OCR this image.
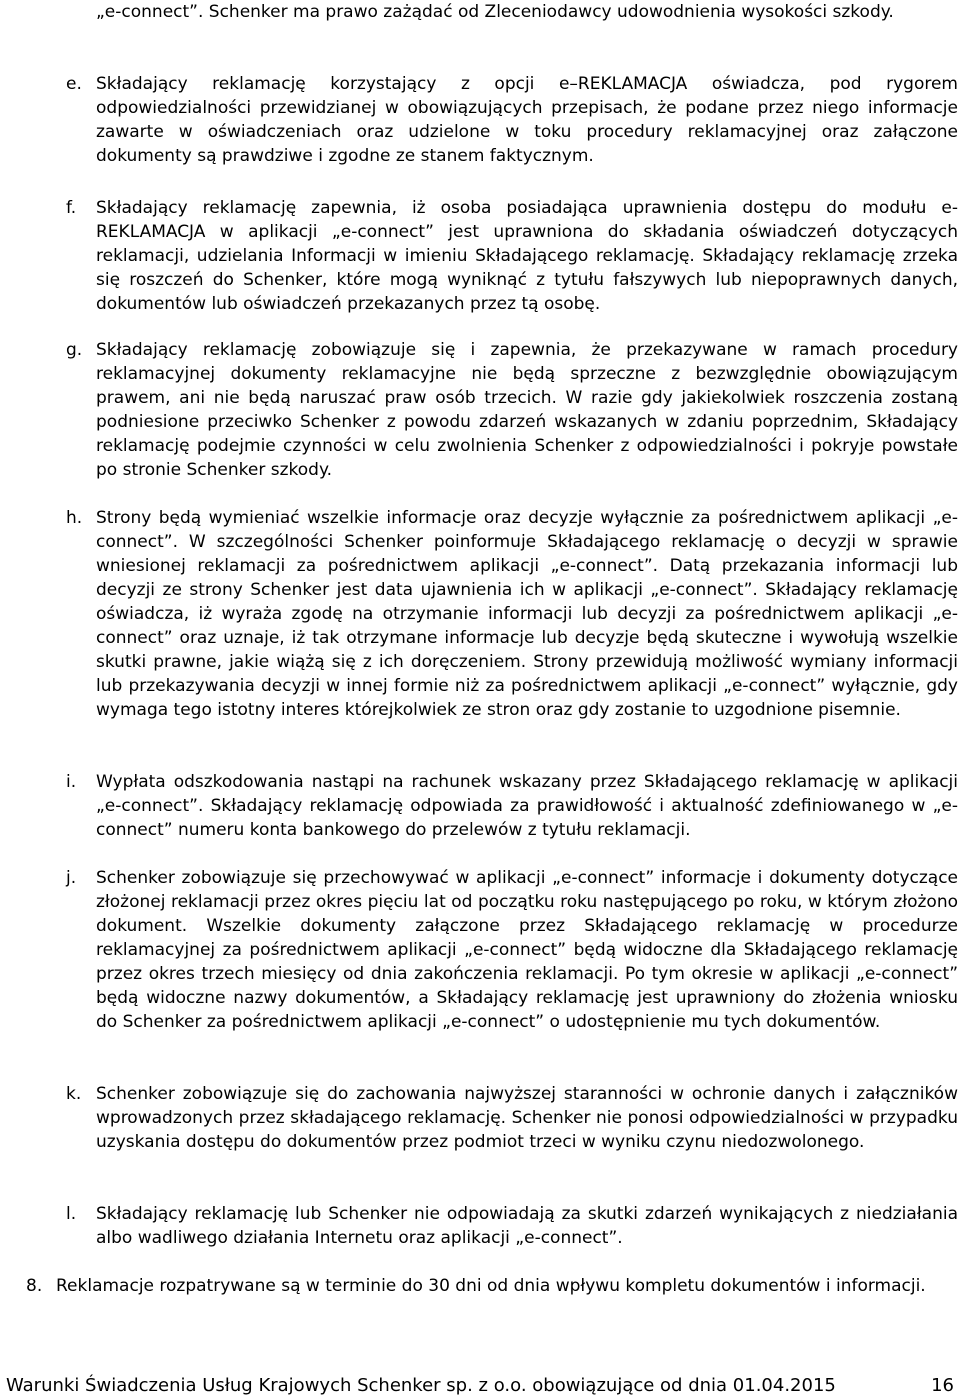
„e-connect”. Schenker ma prawo zażądać od Zleceniodawcy udowodnienia wysokości szkody.

e. Składający reklamację korzystający z opcji e–REKLAMACJA oświadcza, pod rygorem odpowiedzialności przewidzianej w obowiązujących przepisach, że podane przez niego informacje zawarte w oświadczeniach oraz udzielone w toku procedury reklamacyjnej oraz załączone dokumenty są prawdziwe i zgodne ze stanem faktycznym.

f.	Składający reklamację zapewnia, iż osoba posiadająca uprawnienia dostępu do modułu e-REKLAMACJA w aplikacji „e-connect” jest uprawniona do składania oświadczeń dotyczących reklamacji, udzielania Informacji w imieniu Składającego reklamację. Składający reklamację zrzeka się roszczeń do Schenker, które mogą wyniknąć z tytułu fałszywych lub niepoprawnych danych, dokumentów lub oświadczeń przekazanych przez tą osobę.

g. Składający reklamację zobowiązuje się i zapewnia, że przekazywane w ramach procedury reklamacyjnej dokumenty reklamacyjne nie będą sprzeczne z bezwzględnie obowiązującym prawem, ani nie będą naruszać praw osób trzecich. W razie gdy jakiekolwiek roszczenia zostaną podniesione przeciwko Schenker z powodu zdarzeń wskazanych w zdaniu poprzednim, Składający reklamację podejmie czynności w celu zwolnienia Schenker z odpowiedzialności i pokryje powstałe po stronie Schenker szkody.

h. Strony będą wymieniać wszelkie informacje oraz decyzje wyłącznie za pośrednictwem aplikacji „e-connect”. W szczególności Schenker poinformuje Składającego reklamację o decyzji w sprawie wniesionej reklamacji za pośrednictwem aplikacji „e-connect”. Datą przekazania informacji lub decyzji ze strony Schenker jest data ujawnienia ich w aplikacji „e-connect”. Składający reklamację oświadcza, iż wyraża zgodę na otrzymanie informacji lub decyzji za pośrednictwem aplikacji „e-connect” oraz uznaje, iż tak otrzymane informacje lub decyzje będą skuteczne i wywołują wszelkie skutki prawne, jakie wiążą się z ich doręczeniem. Strony przewidują możliwość wymiany informacji lub przekazywania decyzji w innej formie niż za pośrednictwem aplikacji „e-connect” wyłącznie, gdy wymaga tego istotny interes którejkolwiek ze stron oraz gdy zostanie to uzgodnione pisemnie.

i.	Wypłata odszkodowania nastąpi na rachunek wskazany przez Składającego reklamację w aplikacji „e-connect”. Składający reklamację odpowiada za prawidłowość i aktualność zdefiniowanego w „e-connect” numeru konta bankowego do przelewów z tytułu reklamacji.

j.	Schenker zobowiązuje się przechowywać w aplikacji „e-connect” informacje i dokumenty dotyczące złożonej reklamacji przez okres pięciu lat od początku roku następującego po roku, w którym złożono dokument. Wszelkie dokumenty załączone przez Składającego reklamację w procedurze reklamacyjnej za pośrednictwem aplikacji „e-connect” będą widoczne dla Składającego reklamację przez okres trzech miesięcy od dnia zakończenia reklamacji. Po tym okresie w aplikacji „e-connect” będą widoczne nazwy dokumentów, a Składający reklamację jest uprawniony do złożenia wniosku do Schenker za pośrednictwem aplikacji „e-connect” o udostępnienie mu tych dokumentów.

k. Schenker zobowiązuje się do zachowania najwyższej staranności w ochronie danych i załączników wprowadzonych przez składającego reklamację. Schenker nie ponosi odpowiedzialności w przypadku uzyskania dostępu do dokumentów przez podmiot trzeci w wyniku czynu niedozwolonego.

l.	Składający reklamację lub Schenker nie odpowiadają za skutki zdarzeń wynikających z niedziałania albo wadliwego działania Internetu oraz aplikacji „e-connect”.

8. Reklamacje rozpatrywane są w terminie do 30 dni od dnia wpływu kompletu dokumentów i informacji.

Warunki Świadczenia Usług Krajowych Schenker sp. z o.o. obowiązujące od dnia 01.04.2015	16
